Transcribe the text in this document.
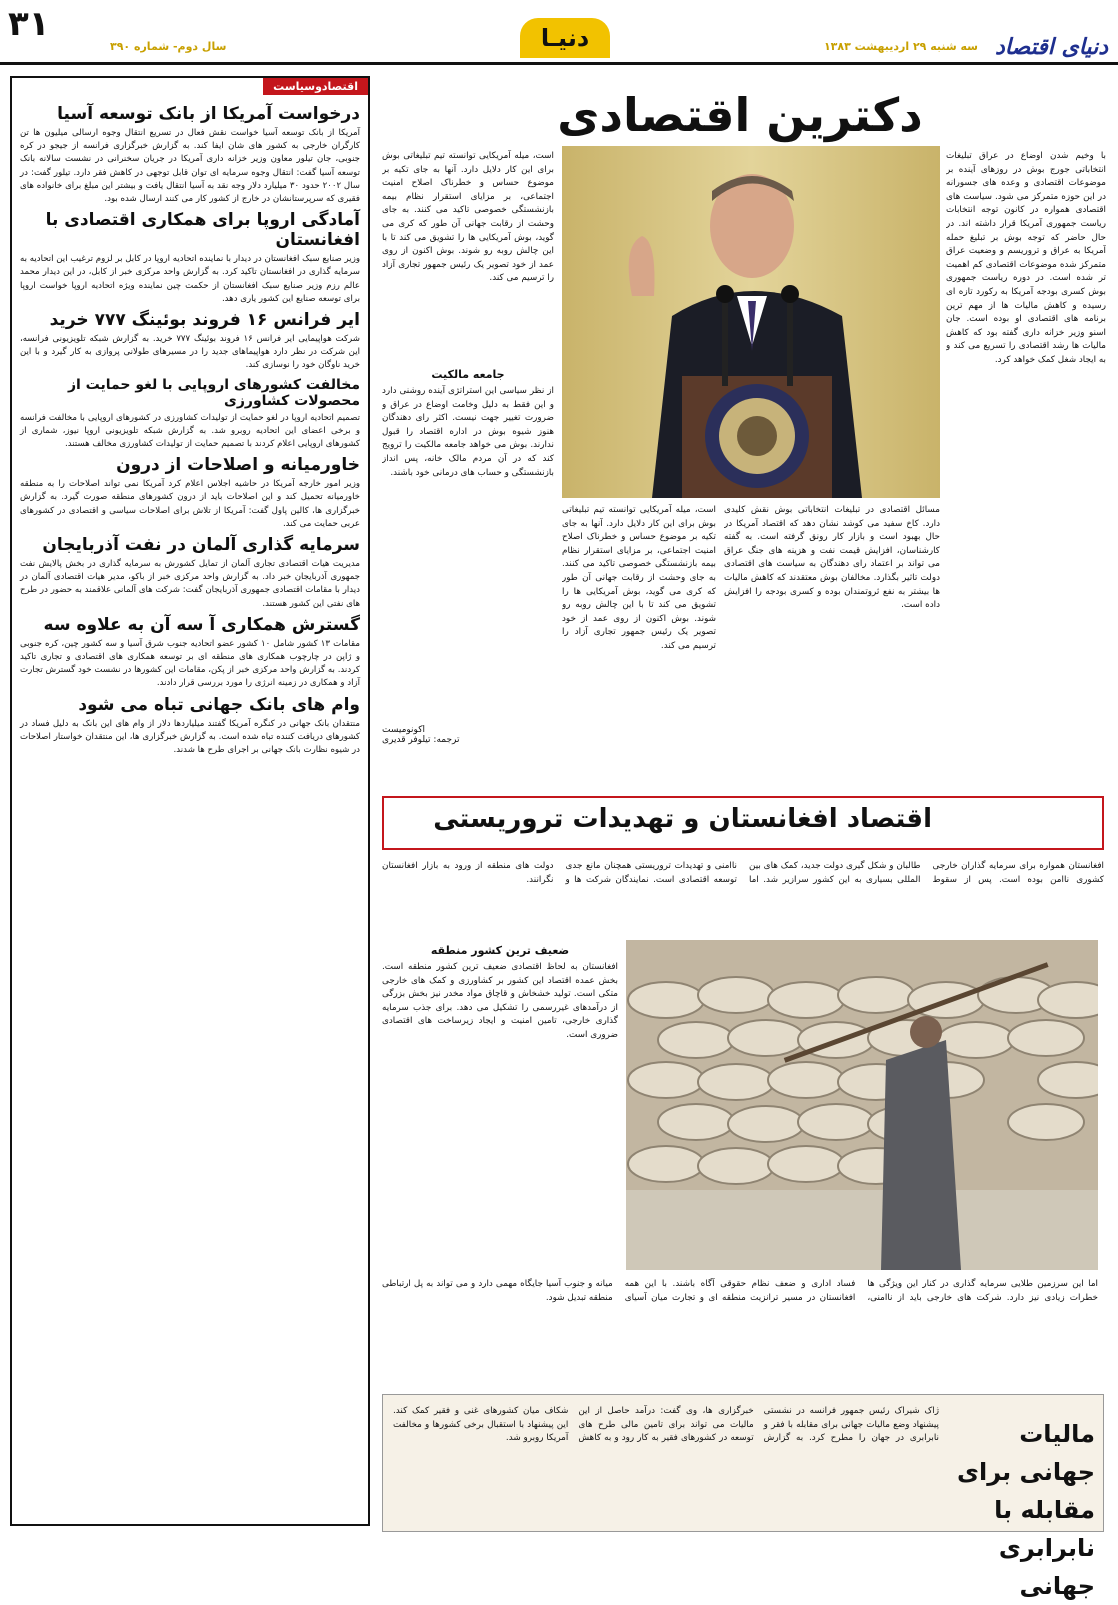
۳۱
سال دوم- شماره ۳۹۰	دنیـا	سه شنبه ۲۹ اردیبهشت ۱۳۸۳ دنیای اقتصاد
اقتصادوسیاست
درخواست آمریکا از بانک توسعه آسیا

آمریکا از بانک توسعه آسیا خواست نقش فعال در تسریع انتقال وجوه ارسالی میلیون ها تن کارگران خارجی به کشور های شان ایفا کند. به گزارش خبرگزاری فرانسه از جیجو در کره جنوبی، جان تیلور معاون وزیر خزانه داری آمریکا در جریان سخنرانی در نشست سالانه بانک توسعه آسیا گفت: انتقال وجوه سرمایه ای توان قابل توجهی در کاهش فقر دارد. تیلور گفت: در سال ۲۰۰۲ حدود ۳۰ میلیارد دلار وجه نقد به آسیا انتقال یافت و بیشتر این مبلغ برای خانواده های فقیری که سرپرستانشان در خارج از کشور کار می کنند ارسال شده بود.

آمادگی اروپا برای همکاری اقتصادی با افغانستان

وزیر صنایع سبک افغانستان در دیدار با نماینده اتحادیه اروپا در کابل بر لزوم ترغیب این اتحادیه به سرمایه گذاری در افغانستان تاکید کرد. به گزارش واحد مرکزی خبر از کابل، در این دیدار محمد عالم رزم وزیر صنایع سبک افغانستان از حکمت چین نماینده ویژه اتحادیه اروپا خواست اروپا برای توسعه صنایع این کشور یاری دهد.

ایر فرانس ۱۶ فروند بوئینگ ۷۷۷ خرید

شرکت هواپیمایی ایر فرانس ۱۶ فروند بوئینگ ۷۷۷ خرید. به گزارش شبکه تلویزیونی فرانسه، این شرکت در نظر دارد هواپیماهای جدید را در مسیرهای طولانی پروازی به کار گیرد و با این خرید ناوگان خود را نوسازی کند.

مخالفت کشورهای اروپایی با لغو حمایت از محصولات کشاورزی

تصمیم اتحادیه اروپا در لغو حمایت از تولیدات کشاورزی در کشورهای اروپایی با مخالفت فرانسه و برخی اعضای این اتحادیه روبرو شد. به گزارش شبکه تلویزیونی اروپا نیوز، شماری از کشورهای اروپایی اعلام کردند با تصمیم حمایت از تولیدات کشاورزی مخالف هستند.

خاورمیانه و اصلاحات از درون

وزیر امور خارجه آمریکا در حاشیه اجلاس اعلام کرد آمریکا نمی تواند اصلاحات را به منطقه خاورمیانه تحمیل کند و این اصلاحات باید از درون کشورهای منطقه صورت گیرد. به گزارش خبرگزاری ها، کالین پاول گفت: آمریکا از تلاش برای اصلاحات سیاسی و اقتصادی در کشورهای عربی حمایت می کند.

سرمایه گذاری آلمان در نفت آذربایجان

مدیریت هیات اقتصادی تجاری آلمان از تمایل کشورش به سرمایه گذاری در بخش پالایش نفت جمهوری آذربایجان خبر داد. به گزارش واحد مرکزی خبر از باکو، مدیر هیات اقتصادی آلمان در دیدار با مقامات اقتصادی جمهوری آذربایجان گفت: شرکت های آلمانی علاقمند به حضور در طرح های نفتی این کشور هستند.

گسترش همکاری آ سه آن به علاوه سه

مقامات ۱۳ کشور شامل ۱۰ کشور عضو اتحادیه جنوب شرق آسیا و سه کشور چین، کره جنوبی و ژاپن در چارچوب همکاری های منطقه ای بر توسعه همکاری های اقتصادی و تجاری تاکید کردند. به گزارش واحد مرکزی خبر از پکن، مقامات این کشورها در نشست خود گسترش تجارت آزاد و همکاری در زمینه انرژی را مورد بررسی قرار دادند.

وام های بانک جهانی تباه می شود

منتقدان بانک جهانی در کنگره آمریکا گفتند میلیاردها دلار از وام های این بانک به دلیل فساد در کشورهای دریافت کننده تباه شده است. به گزارش خبرگزاری ها، این منتقدان خواستار اصلاحات در شیوه نظارت بانک جهانی بر اجرای طرح ها شدند.

دکترین اقتصادی
با وخیم شدن اوضاع در عراق تبلیغات انتخاباتی جورج بوش در روزهای آینده بر موضوعات اقتصادی و وعده های جسورانه در این حوزه متمرکز می شود. سیاست های اقتصادی همواره در کانون توجه انتخابات ریاست جمهوری آمریکا قرار داشته اند. در حال حاضر که توجه بوش بر تبلیغ حمله آمریکا به عراق و تروریسم و وضعیت عراق متمرکز شده موضوعات اقتصادی کم اهمیت تر شده است. در دوره ریاست جمهوری بوش کسری بودجه آمریکا به رکورد تازه ای رسیده و کاهش مالیات ها از مهم ترین برنامه های اقتصادی او بوده است. جان اسنو وزیر خزانه داری گفته بود که کاهش مالیات ها رشد اقتصادی را تسریع می کند و به ایجاد شغل کمک خواهد کرد.
مسائل اقتصادی در تبلیغات انتخاباتی بوش نقش کلیدی دارد. کاخ سفید می کوشد نشان دهد که اقتصاد آمریکا در حال بهبود است و بازار کار رونق گرفته است. به گفته کارشناسان، افزایش قیمت نفت و هزینه های جنگ عراق می تواند بر اعتماد رای دهندگان به سیاست های اقتصادی دولت تاثیر بگذارد. مخالفان بوش معتقدند که کاهش مالیات ها بیشتر به نفع ثروتمندان بوده و کسری بودجه را افزایش داده است.
است، میله آمریکایی توانسته تیم تبلیغاتی بوش برای این کار دلایل دارد. آنها به جای تکیه بر موضوع حساس و خطرناک اصلاح امنیت اجتماعی، بر مزایای استقرار نظام بیمه بازنشستگی خصوصی تاکید می کنند. به جای وحشت از رقابت جهانی آن طور که کری می گوید، بوش آمریکایی ها را تشویق می کند تا با این چالش روبه رو شوند. بوش اکنون از روی عمد از خود تصویر یک رئیس جمهور تجاری آزاد را ترسیم می کند.
جامعه مالکیت
از نظر سیاسی این استراتژی آینده روشنی دارد و این فقط به دلیل وخامت اوضاع در عراق و ضرورت تغییر جهت نیست. اکثر رای دهندگان هنوز شیوه بوش در اداره اقتصاد را قبول ندارند. بوش می خواهد جامعه مالکیت را ترویج کند که در آن مردم مالک خانه، پس انداز بازنشستگی و حساب های درمانی خود باشند.
اکونومیست
ترجمه: تیلوفر قدیری
است، میله آمریکایی توانسته تیم تبلیغاتی بوش برای این کار دلایل دارد. آنها به جای تکیه بر موضوع حساس و خطرناک اصلاح امنیت اجتماعی، بر مزایای استقرار نظام بیمه بازنشستگی خصوصی تاکید می کنند. به جای وحشت از رقابت جهانی آن طور که کری می گوید، بوش آمریکایی ها را تشویق می کند تا با این چالش روبه رو شوند. بوش اکنون از روی عمد از خود تصویر یک رئیس جمهور تجاری آزاد را ترسیم می کند.
اقتصاد افغانستان و تهدیدات تروریستی
افغانستان همواره برای سرمایه گذاران خارجی کشوری ناامن بوده است. پس از سقوط طالبان و شکل گیری دولت جدید، کمک های بین المللی بسیاری به این کشور سرازیر شد. اما ناامنی و تهدیدات تروریستی همچنان مانع جدی توسعه اقتصادی است. نمایندگان شرکت ها و دولت های منطقه از ورود به بازار افغانستان نگرانند.
ضعیف ترین کشور منطقه
افغانستان به لحاظ اقتصادی ضعیف ترین کشور منطقه است. بخش عمده اقتصاد این کشور بر کشاورزی و کمک های خارجی متکی است. تولید خشخاش و قاچاق مواد مخدر نیز بخش بزرگی از درآمدهای غیررسمی را تشکیل می دهد. برای جذب سرمایه گذاری خارجی، تامین امنیت و ایجاد زیرساخت های اقتصادی ضروری است.
اما این سرزمین طلایی سرمایه گذاری در کنار این ویژگی ها خطرات زیادی نیز دارد. شرکت های خارجی باید از ناامنی، فساد اداری و ضعف نظام حقوقی آگاه باشند. با این همه افغانستان در مسیر ترانزیت منطقه ای و تجارت میان آسیای میانه و جنوب آسیا جایگاه مهمی دارد و می تواند به پل ارتباطی منطقه تبدیل شود.
مالیات جهانی برای مقابله با نابرابری جهانی
ژاک شیراک رئیس جمهور فرانسه در نشستی پیشنهاد وضع مالیات جهانی برای مقابله با فقر و نابرابری در جهان را مطرح کرد. به گزارش خبرگزاری ها، وی گفت: درآمد حاصل از این مالیات می تواند برای تامین مالی طرح های توسعه در کشورهای فقیر به کار رود و به کاهش شکاف میان کشورهای غنی و فقیر کمک کند. این پیشنهاد با استقبال برخی کشورها و مخالفت آمریکا روبرو شد.
